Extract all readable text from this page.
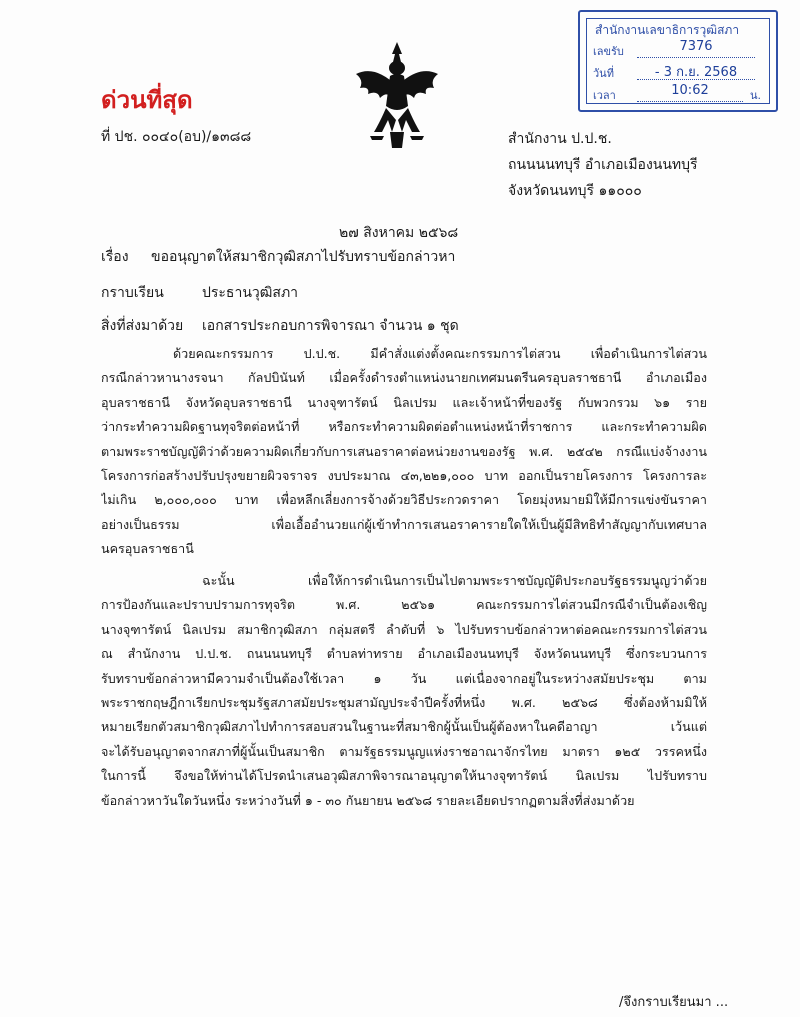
ด่วนที่สุด
ที่ ปช. ๐๐๔๐(อบ)/๑๓๘๘
สำนักงานเลขาธิการวุฒิสภา
เลขรับ	7376
วันที่	- 3 ก.ย. 2568
เวลา	10:62	น.
สำนักงาน ป.ป.ช.
ถนนนนทบุรี อำเภอเมืองนนทบุรี
จังหวัดนนทบุรี ๑๑๐๐๐
๒๗ สิงหาคม ๒๕๖๘
เรื่อง ขออนุญาตให้สมาชิกวุฒิสภาไปรับทราบข้อกล่าวหา
กราบเรียน	ประธานวุฒิสภา
สิ่งที่ส่งมาด้วย เอกสารประกอบการพิจารณา จำนวน ๑ ชุด
ด้วยคณะกรรมการ ป.ป.ช. มีคำสั่งแต่งตั้งคณะกรรมการไต่สวน เพื่อดำเนินการไต่สวน
กรณีกล่าวหานางรจนา กัลปบินันท์ เมื่อครั้งดำรงตำแหน่งนายกเทศมนตรีนครอุบลราชธานี อำเภอเมือง
อุบลราชธานี จังหวัดอุบลราชธานี นางจุฑารัตน์ นิลเปรม และเจ้าหน้าที่ของรัฐ กับพวกรวม ๖๑ ราย
ว่ากระทำความผิดฐานทุจริตต่อหน้าที่ หรือกระทำความผิดต่อตำแหน่งหน้าที่ราชการ และกระทำความผิด
ตามพระราชบัญญัติว่าด้วยความผิดเกี่ยวกับการเสนอราคาต่อหน่วยงานของรัฐ พ.ศ. ๒๕๔๒ กรณีแบ่งจ้างงาน
โครงการก่อสร้างปรับปรุงขยายผิวจราจร งบประมาณ ๔๓,๒๒๑,๐๐๐ บาท ออกเป็นรายโครงการ โครงการละ
ไม่เกิน ๒,๐๐๐,๐๐๐ บาท เพื่อหลีกเลี่ยงการจ้างด้วยวิธีประกวดราคา โดยมุ่งหมายมิให้มีการแข่งขันราคา
อย่างเป็นธรรม เพื่อเอื้ออำนวยแก่ผู้เข้าทำการเสนอราคารายใดให้เป็นผู้มีสิทธิทำสัญญากับเทศบาล
นครอุบลราชธานี
ฉะนั้น เพื่อให้การดำเนินการเป็นไปตามพระราชบัญญัติประกอบรัฐธรรมนูญว่าด้วย
การป้องกันและปราบปรามการทุจริต พ.ศ. ๒๕๖๑ คณะกรรมการไต่สวนมีกรณีจำเป็นต้องเชิญ
นางจุฑารัตน์ นิลเปรม สมาชิกวุฒิสภา กลุ่มสตรี ลำดับที่ ๖ ไปรับทราบข้อกล่าวหาต่อคณะกรรมการไต่สวน
ณ สำนักงาน ป.ป.ช. ถนนนนทบุรี ตำบลท่าทราย อำเภอเมืองนนทบุรี จังหวัดนนทบุรี ซึ่งกระบวนการ
รับทราบข้อกล่าวหามีความจำเป็นต้องใช้เวลา ๑ วัน แต่เนื่องจากอยู่ในระหว่างสมัยประชุม ตาม
พระราชกฤษฎีกาเรียกประชุมรัฐสภาสมัยประชุมสามัญประจำปีครั้งที่หนึ่ง พ.ศ. ๒๕๖๘ ซึ่งต้องห้ามมิให้
หมายเรียกตัวสมาชิกวุฒิสภาไปทำการสอบสวนในฐานะที่สมาชิกผู้นั้นเป็นผู้ต้องหาในคดีอาญา เว้นแต่
จะได้รับอนุญาตจากสภาที่ผู้นั้นเป็นสมาชิก ตามรัฐธรรมนูญแห่งราชอาณาจักรไทย มาตรา ๑๒๕ วรรคหนึ่ง
ในการนี้ จึงขอให้ท่านได้โปรดนำเสนอวุฒิสภาพิจารณาอนุญาตให้นางจุฑารัตน์ นิลเปรม ไปรับทราบ
ข้อกล่าวหาวันใดวันหนึ่ง ระหว่างวันที่ ๑ - ๓๐ กันยายน ๒๕๖๘ รายละเอียดปรากฏตามสิ่งที่ส่งมาด้วย
/จึงกราบเรียนมา ...
